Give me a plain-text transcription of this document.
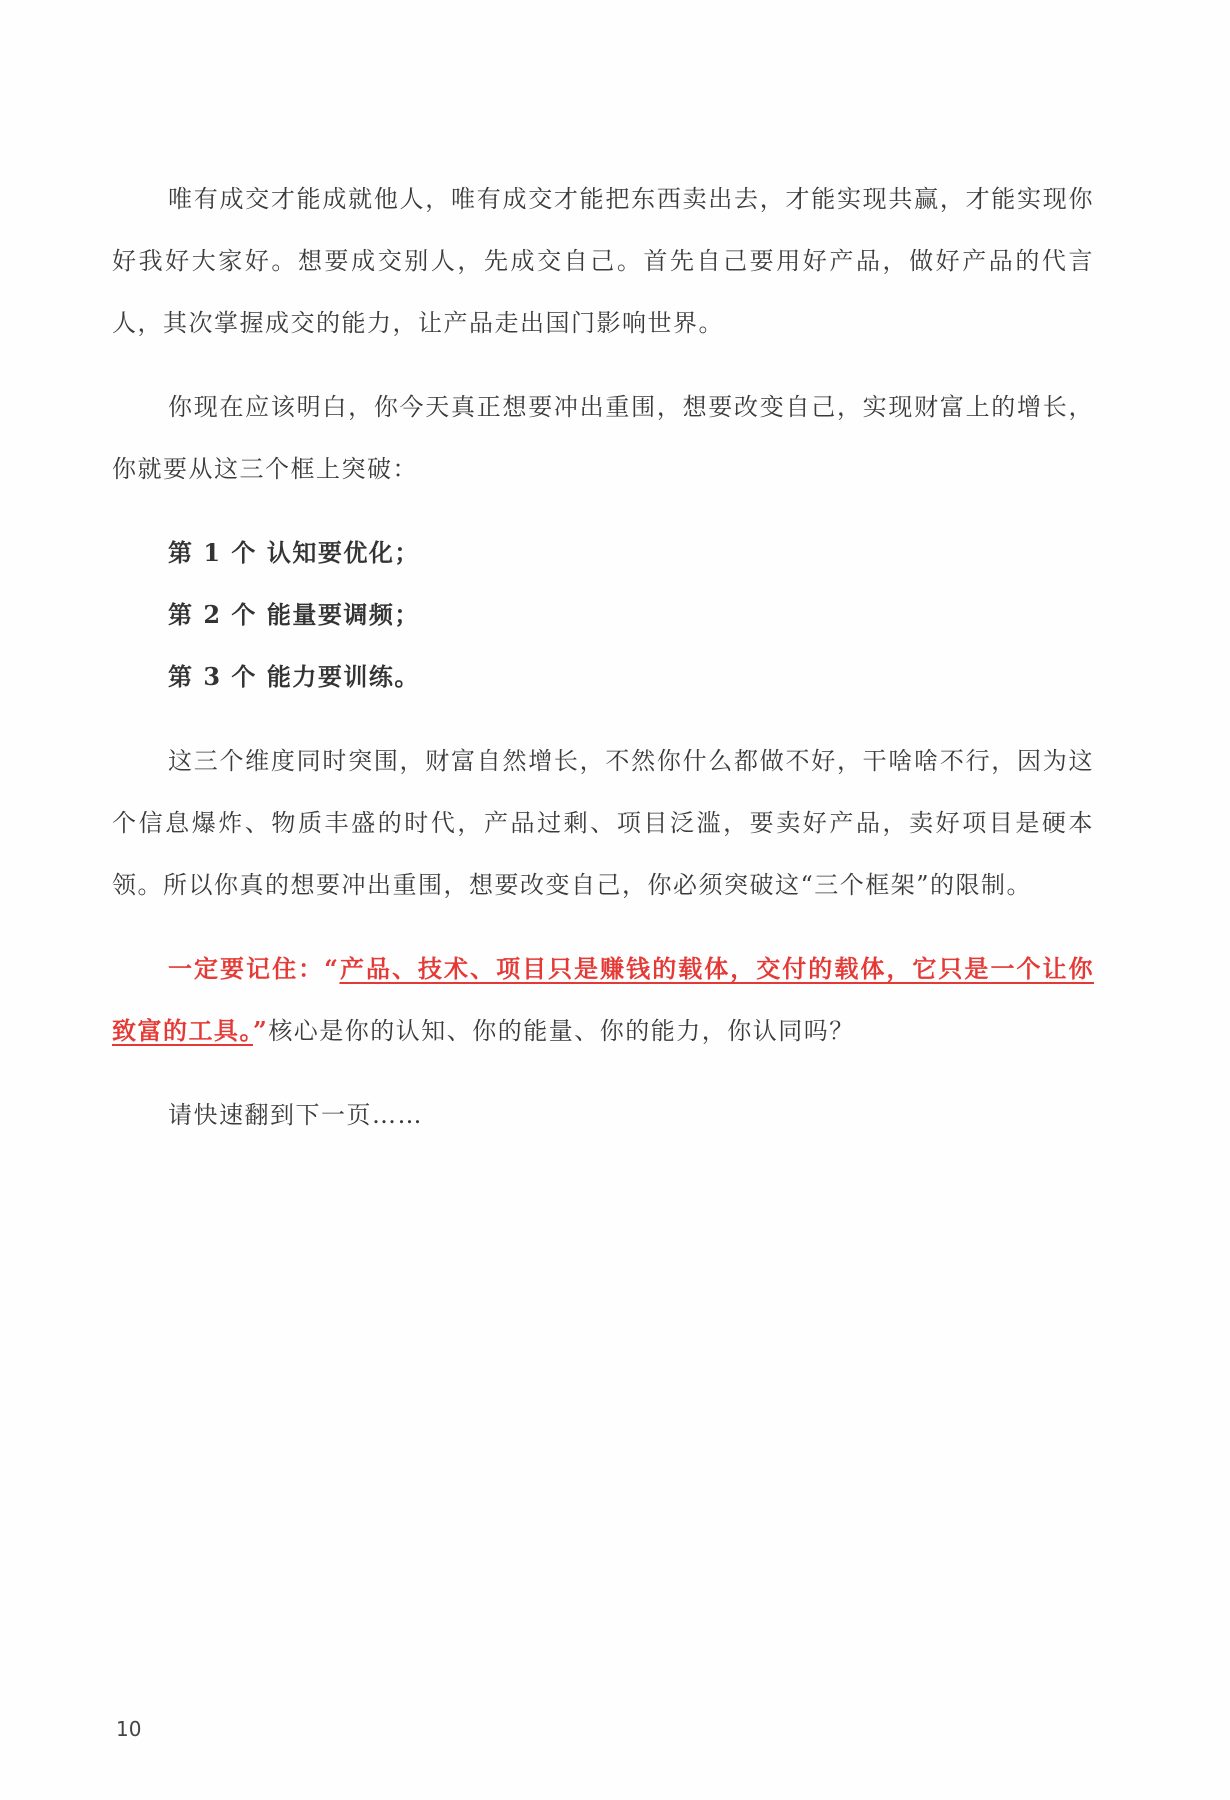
唯有成交才能成就他人，唯有成交才能把东西卖出去，才能实现共赢，才能实现你好我好大家好。想要成交别人，先成交自己。首先自己要用好产品，做好产品的代言人，其次掌握成交的能力，让产品走出国门影响世界。

你现在应该明白，你今天真正想要冲出重围，想要改变自己，实现财富上的增长，你就要从这三个框上突破：

第 1 个 认知要优化；
第 2 个 能量要调频；
第 3 个 能力要训练。

这三个维度同时突围，财富自然增长，不然你什么都做不好，干啥啥不行，因为这个信息爆炸、物质丰盛的时代，产品过剩、项目泛滥，要卖好产品，卖好项目是硬本领。所以你真的想要冲出重围，想要改变自己，你必须突破这“三个框架”的限制。

一定要记住：“产品、技术、项目只是赚钱的载体，交付的载体，它只是一个让你致富的工具。”核心是你的认知、你的能量、你的能力，你认同吗？

请快速翻到下一页……

10
